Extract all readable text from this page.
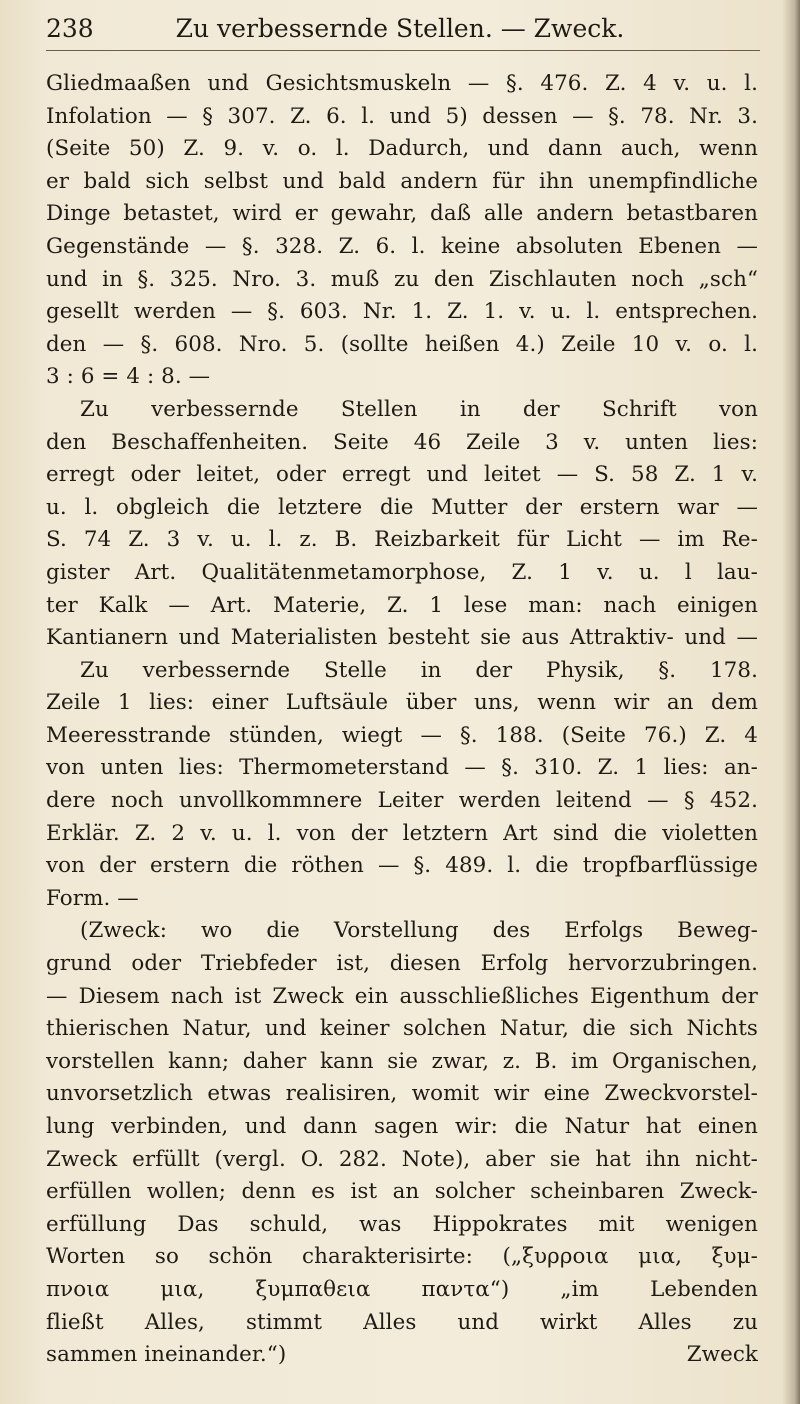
238	Zu verbessernde Stellen. — Zweck.
Gliedmaaßen und Gesichtsmuskeln — §. 476. Z. 4 v. u. l.
Infolation — § 307. Z. 6. l. und 5) dessen — §. 78. Nr. 3.
(Seite 50) Z. 9. v. o. l. Dadurch, und dann auch, wenn
er bald sich selbst und bald andern für ihn unempfindliche
Dinge betastet, wird er gewahr, daß alle andern betastbaren
Gegenstände — §. 328. Z. 6. l. keine absoluten Ebenen —
und in §. 325. Nro. 3. muß zu den Zischlauten noch „sch“
gesellt werden — §. 603. Nr. 1. Z. 1. v. u. l. entsprechen.
den — §. 608. Nro. 5. (sollte heißen 4.) Zeile 10 v. o. l.
3 : 6 = 4 : 8. —
Zu verbessernde Stellen in der Schrift von
den Beschaffenheiten. Seite 46 Zeile 3 v. unten lies:
erregt oder leitet, oder erregt und leitet — S. 58 Z. 1 v.
u. l. obgleich die letztere die Mutter der erstern war —
S. 74 Z. 3 v. u. l. z. B. Reizbarkeit für Licht — im Re-
gister Art. Qualitätenmetamorphose, Z. 1 v. u. l lau-
ter Kalk — Art. Materie, Z. 1 lese man: nach einigen
Kantianern und Materialisten besteht sie aus Attraktiv- und —
Zu verbessernde Stelle in der Physik, §. 178.
Zeile 1 lies: einer Luftsäule über uns, wenn wir an dem
Meeresstrande stünden, wiegt — §. 188. (Seite 76.) Z. 4
von unten lies: Thermometerstand — §. 310. Z. 1 lies: an-
dere noch unvollkommnere Leiter werden leitend — § 452.
Erklär. Z. 2 v. u. l. von der letztern Art sind die violetten
von der erstern die röthen — §. 489. l. die tropfbarflüssige
Form. —
(Zweck: wo die Vorstellung des Erfolgs Beweg-
grund oder Triebfeder ist, diesen Erfolg hervorzubringen.
— Diesem nach ist Zweck ein ausschließliches Eigenthum der
thierischen Natur, und keiner solchen Natur, die sich Nichts
vorstellen kann; daher kann sie zwar, z. B. im Organischen,
unvorsetzlich etwas realisiren, womit wir eine Zweckvorstel-
lung verbinden, und dann sagen wir: die Natur hat einen
Zweck erfüllt (vergl. O. 282. Note), aber sie hat ihn nicht-
erfüllen wollen; denn es ist an solcher scheinbaren Zweck-
erfüllung Das schuld, was Hippokrates mit wenigen
Worten so schön charakterisirte: („ξυρροια μια, ξυμ-
πνοια μια, ξυμπαθεια παντα“) „im Lebenden
fließt Alles, stimmt Alles und wirkt Alles zu
sammen ineinander.“)	Zweck
